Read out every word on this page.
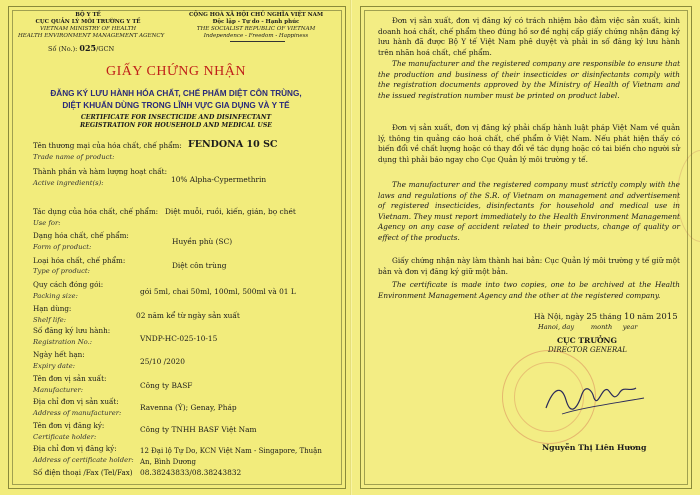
BỘ Y TẾ
CỤC QUẢN LÝ MÔI TRƯỜNG Y TẾ
VIETNAM MINISTRY OF HEALTH
HEALTH ENVIRONMENT MANAGEMENT AGENCY
Số (No.): 025/GCN
CỘNG HOÀ XÃ HỘI CHỦ NGHĨA VIỆT NAM
Độc lập - Tự do - Hạnh phúc
THE SOCIALIST REPUBLIC OF VIETNAM
Independence - Freedom - Happiness
GIẤY CHỨNG NHẬN
ĐĂNG KÝ LƯU HÀNH HÓA CHẤT, CHẾ PHẨM DIỆT CÔN TRÙNG,
DIỆT KHUẨN DÙNG TRONG LĨNH VỰC GIA DỤNG VÀ Y TẾ
CERTIFICATE FOR INSECTICIDE AND DISINFECTANT
REGISTRATION FOR HOUSEHOLD AND MEDICAL USE
Tên thương mại của hóa chất, chế phẩm: FENDONA 10 SC
Trade name of product:
Thành phần và hàm lượng hoạt chất:
10% Alpha-Cypermethrin
Active ingredient(s):
Tác dụng của hóa chất, chế phẩm: Diệt muỗi, ruồi, kiến, gián, bọ chét
Use for:
Dạng hóa chất, chế phẩm:
Huyền phù (SC)
Form of product:
Loại hóa chất, chế phẩm:
Diệt côn trùng
Type of product:
Quy cách đóng gói:
gói 5ml, chai 50ml, 100ml, 500ml và 01 L
Packing size:
Hạn dùng:
02 năm kể từ ngày sản xuất
Shelf life:
Số đăng ký lưu hành:
VNDP-HC-025-10-15
Registration No.:
Ngày hết hạn:
25/10 /2020
Expiry date:
Tên đơn vị sản xuất:
Công ty BASF
Manufacturer:
Địa chỉ đơn vị sản xuất:
Ravenna (Ý); Genay, Pháp
Address of manufacturer:
Tên đơn vị đăng ký:	Công ty TNHH BASF Việt Nam
Certificate holder:
Địa chỉ đơn vị đăng ký:	12 Đại lộ Tự Do, KCN Việt Nam - Singapore, Thuận
An, Bình Dương
Address of certificate holder:
Số điện thoại /Fax (Tel/Fax) 08.38243833/08.38243832
Đơn vị sản xuất, đơn vị đăng ký có trách nhiệm bảo đảm việc sản xuất, kinh doanh hoá chất, chế phẩm theo đúng hồ sơ đề nghị cấp giấy chứng nhận đăng ký lưu hành đã được Bộ Y tế Việt Nam phê duyệt và phải in số đăng ký lưu hành trên nhãn hoá chất, chế phẩm.
The manufacturer and the registered company are responsible to ensure that the production and business of their insecticides or disinfectants comply with the registration documents approved by the Ministry of Health of Vietnam and the issued registration number must be printed on product label.
Đơn vị sản xuất, đơn vị đăng ký phải chấp hành luật pháp Việt Nam về quản lý, thông tin quảng cáo hoá chất, chế phẩm ở Việt Nam. Nếu phát hiện thấy có biến đổi về chất lượng hoặc có thay đổi về tác dụng hoặc có tai biến cho người sử dụng thì phải báo ngay cho Cục Quản lý môi trường y tế.
The manufacturer and the registered company must strictly comply with the laws and regulations of the S.R. of Vietnam on management and advertisement of registered insecticides, disinfectants for household and medical use in Vietnam. They must report immediately to the Health Environment Management Agency on any case of accident related to their products, change of quality or effect of the products.
Giấy chứng nhận này làm thành hai bản: Cục Quản lý môi trường y tế giữ một bản và đơn vị đăng ký giữ một bản.
The certificate is made into two copies, one to be archived at the Health Environment Management Agency and the other at the registered company.
Hà Nội, ngày 25 tháng 10 năm 2015
Hanoi, day        month     year
CỤC TRƯỞNG
DIRECTOR GENERAL
Nguyễn Thị Liên Hương
